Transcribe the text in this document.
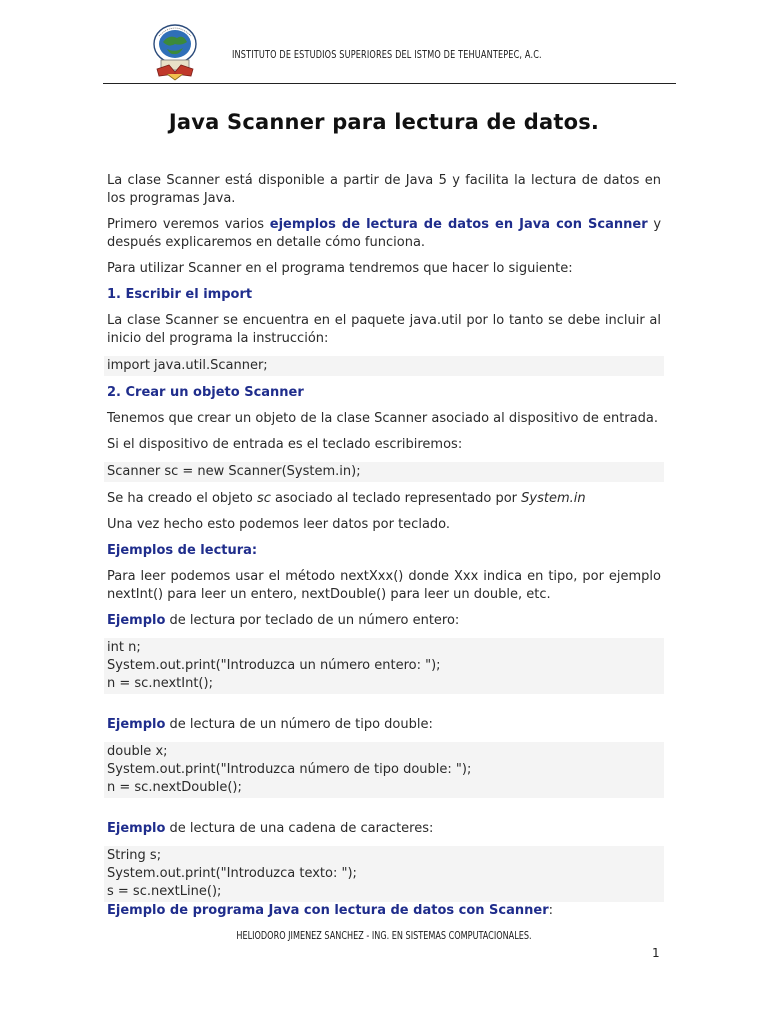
INSTITUTO DE ESTUDIOS SUPERIORES DEL ISTMO DE TEHUANTEPEC, A.C.
Java Scanner para lectura de datos.

La clase Scanner está disponible a partir de Java 5 y facilita la lectura de datos en los programas Java.

Primero veremos varios ejemplos de lectura de datos en Java con Scanner y después explicaremos en detalle cómo funciona.

Para utilizar Scanner en el programa tendremos que hacer lo siguiente:

1. Escribir el import

La clase Scanner se encuentra en el paquete java.util por lo tanto se debe incluir al inicio del programa la instrucción:

import java.util.Scanner;
2. Crear un objeto Scanner

Tenemos que crear un objeto de la clase Scanner asociado al dispositivo de entrada.

Si el dispositivo de entrada es el teclado escribiremos:

Scanner sc = new Scanner(System.in);

Se ha creado el objeto sc asociado al teclado representado por System.in

Una vez hecho esto podemos leer datos por teclado.

Ejemplos de lectura:

Para leer podemos usar el método nextXxx() donde Xxx indica en tipo, por ejemplo nextInt() para leer un entero, nextDouble() para leer un double, etc.

Ejemplo de lectura por teclado de un número entero:

int n;
System.out.print("Introduzca un número entero: ");
n = sc.nextInt();

Ejemplo de lectura de un número de tipo double:

double x;
System.out.print("Introduzca número de tipo double: ");
n = sc.nextDouble();

Ejemplo de lectura de una cadena de caracteres:

String s;
System.out.print("Introduzca texto: ");
s = sc.nextLine();

Ejemplo de programa Java con lectura de datos con Scanner:

HELIODORO JIMENEZ SANCHEZ - ING. EN SISTEMAS COMPUTACIONALES.
1
